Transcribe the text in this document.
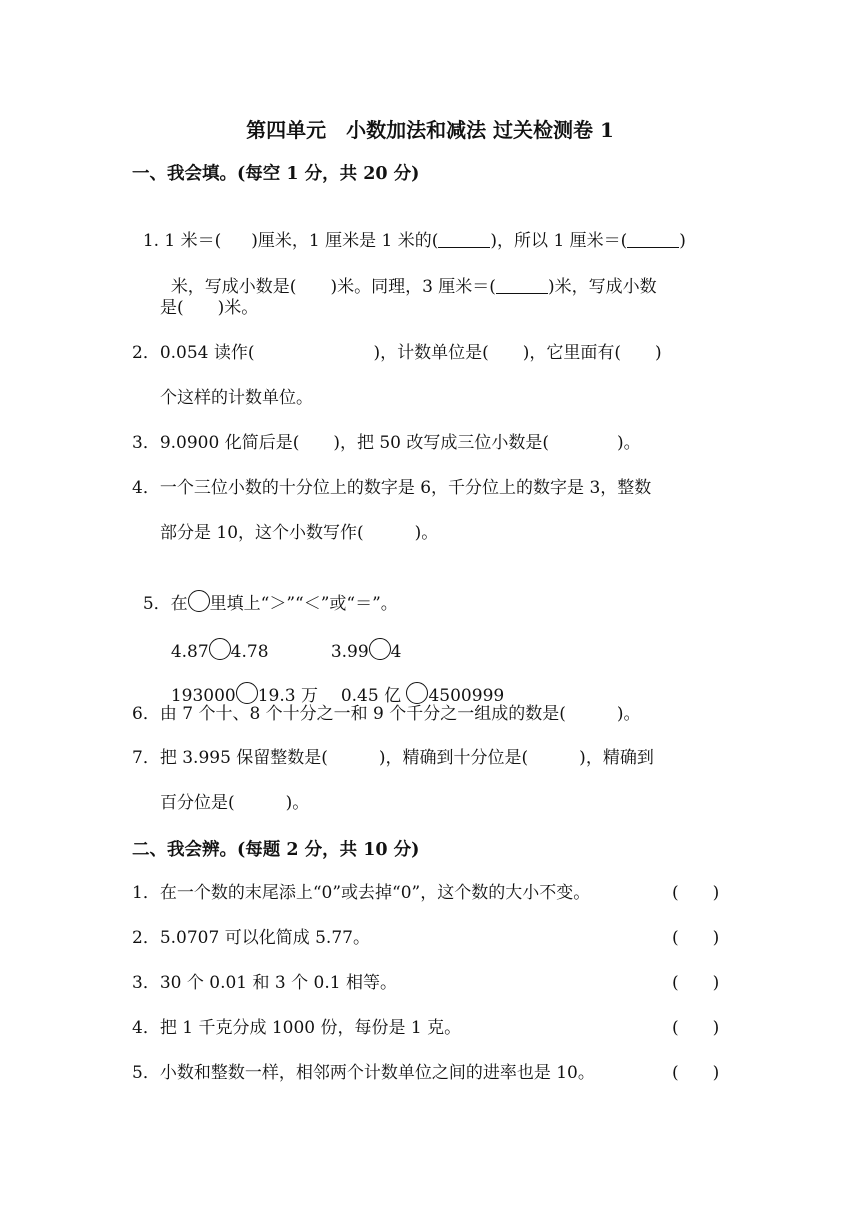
第四单元　小数加法和减法 过关检测卷 1
一、我会填。(每空 1 分，共 20 分)

1. 1 米＝( )厘米，1 厘米是 1 米的(	)，所以 1 厘米＝(	)

米，写成小数是( )米。同理，3 厘米＝(	)米，写成小数

是(　　)米。
2．0.054 读作(　　　　　　　)，计数单位是(　　)，它里面有(　　)
个这样的计数单位。
3．9.0900 化简后是(　　)，把 50 改写成三位小数是(　　　　)。
4．一个三位小数的十分位上的数字是 6，千分位上的数字是 3，整数
部分是 10，这个小数写作(　　　)。

5．在 里填上“＞”“＜”或“＝”。

4.87 4.78	3.99 4

193000 19.3 万	0.45 亿 4500999

6．由 7 个十、8 个十分之一和 9 个千分之一组成的数是(　　　)。
7．把 3.995 保留整数是(　　　)，精确到十分位是(　　　)，精确到
百分位是(　　　)。
二、我会辨。(每题 2 分，共 10 分)
1．在一个数的末尾添上“0”或去掉“0”，这个数的大小不变。	(　　)
2．5.0707 可以化简成 5.77。	(　　)
3．30 个 0.01 和 3 个 0.1 相等。	(　　)
4．把 1 千克分成 1000 份，每份是 1 克。	(　　)
5．小数和整数一样，相邻两个计数单位之间的进率也是 10。	(　　)
